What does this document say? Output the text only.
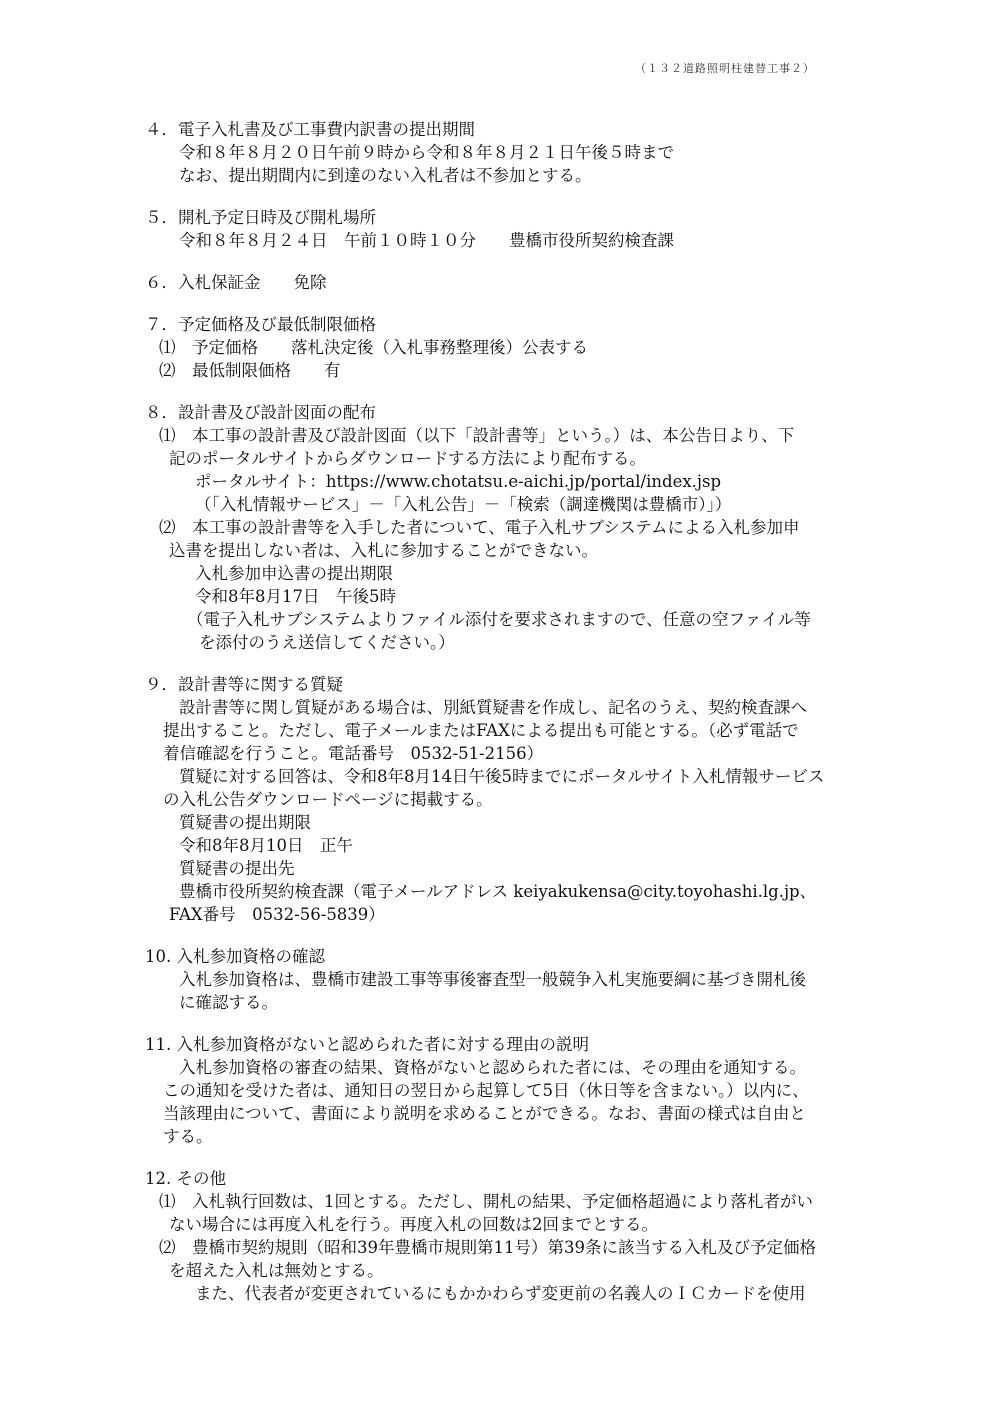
（１３２道路照明柱建替工事２）
４．電子入札書及び工事費内訳書の提出期間
令和８年８月２０日午前９時から令和８年８月２１日午後５時まで
なお、提出期間内に到達のない入札者は不参加とする。
５．開札予定日時及び開札場所
令和８年８月２４日　午前１０時１０分　　豊橋市役所契約検査課
６．入札保証金　　免除
７．予定価格及び最低制限価格
⑴　予定価格　　落札決定後（入札事務整理後）公表する
⑵　最低制限価格　　有
８．設計書及び設計図面の配布
⑴　本工事の設計書及び設計図面（以下「設計書等」という。）は、本公告日より、下
記のポータルサイトからダウンロードする方法により配布する。
ポータルサイト：https://www.chotatsu.e-aichi.jp/portal/index.jsp
（「入札情報サービス」－「入札公告」－「検索（調達機関は豊橋市）」）
⑵　本工事の設計書等を入手した者について、電子入札サブシステムによる入札参加申
込書を提出しない者は、入札に参加することができない。
入札参加申込書の提出期限
令和8年8月17日　午後5時
（電子入札サブシステムよりファイル添付を要求されますので、任意の空ファイル等
を添付のうえ送信してください。）
９．設計書等に関する質疑
設計書等に関し質疑がある場合は、別紙質疑書を作成し、記名のうえ、契約検査課へ
提出すること。ただし、電子メールまたはFAXによる提出も可能とする。（必ず電話で
着信確認を行うこと。電話番号　0532-51-2156）
質疑に対する回答は、令和8年8月14日午後5時までにポータルサイト入札情報サービス
の入札公告ダウンロードページに掲載する。
質疑書の提出期限
令和8年8月10日　正午
質疑書の提出先
豊橋市役所契約検査課（電子メールアドレス keiyakukensa@city.toyohashi.lg.jp、
FAX番号　0532-56-5839）
10. 入札参加資格の確認
入札参加資格は、豊橋市建設工事等事後審査型一般競争入札実施要綱に基づき開札後
に確認する。
11. 入札参加資格がないと認められた者に対する理由の説明
入札参加資格の審査の結果、資格がないと認められた者には、その理由を通知する。
この通知を受けた者は、通知日の翌日から起算して5日（休日等を含まない。）以内に、
当該理由について、書面により説明を求めることができる。なお、書面の様式は自由と
する。
12. その他
⑴　入札執行回数は、1回とする。ただし、開札の結果、予定価格超過により落札者がい
ない場合には再度入札を行う。再度入札の回数は2回までとする。
⑵　豊橋市契約規則（昭和39年豊橋市規則第11号）第39条に該当する入札及び予定価格
を超えた入札は無効とする。
また、代表者が変更されているにもかかわらず変更前の名義人のＩＣカードを使用
